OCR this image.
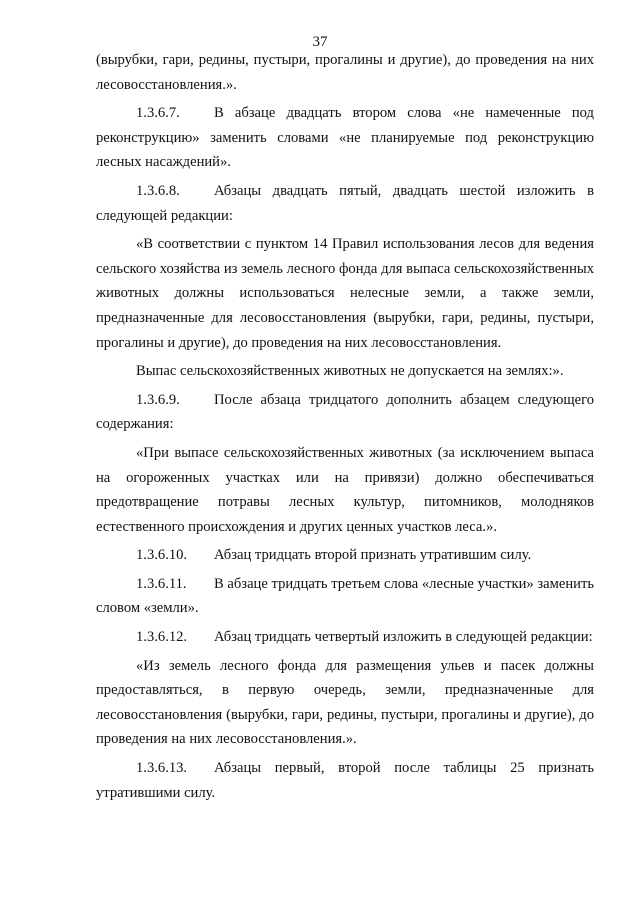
37

(вырубки, гари, редины, пустыри, прогалины и другие), до проведения на них лесовосстановления.».

1.3.6.7. В абзаце двадцать втором слова «не намеченные под реконструкцию» заменить словами «не планируемые под реконструкцию лесных насаждений».

1.3.6.8. Абзацы двадцать пятый, двадцать шестой изложить в следующей редакции:

«В соответствии с пунктом 14 Правил использования лесов для ведения сельского хозяйства из земель лесного фонда для выпаса сельскохозяйственных животных должны использоваться нелесные земли, а также земли, предназначенные для лесовосстановления (вырубки, гари, редины, пустыри, прогалины и другие), до проведения на них лесовосстановления.

Выпас сельскохозяйственных животных не допускается на землях:».

1.3.6.9. После абзаца тридцатого дополнить абзацем следующего содержания:

«При выпасе сельскохозяйственных животных (за исключением выпаса на огороженных участках или на привязи) должно обеспечиваться предотвращение потравы лесных культур, питомников, молодняков естественного происхождения и других ценных участков леса.».

1.3.6.10. Абзац тридцать второй признать утратившим силу.

1.3.6.11. В абзаце тридцать третьем слова «лесные участки» заменить словом «земли».

1.3.6.12. Абзац тридцать четвертый изложить в следующей редакции:

«Из земель лесного фонда для размещения ульев и пасек должны предоставляться, в первую очередь, земли, предназначенные для лесовосстановления (вырубки, гари, редины, пустыри, прогалины и другие), до проведения на них лесовосстановления.».

1.3.6.13. Абзацы первый, второй после таблицы 25 признать утратившими силу.
